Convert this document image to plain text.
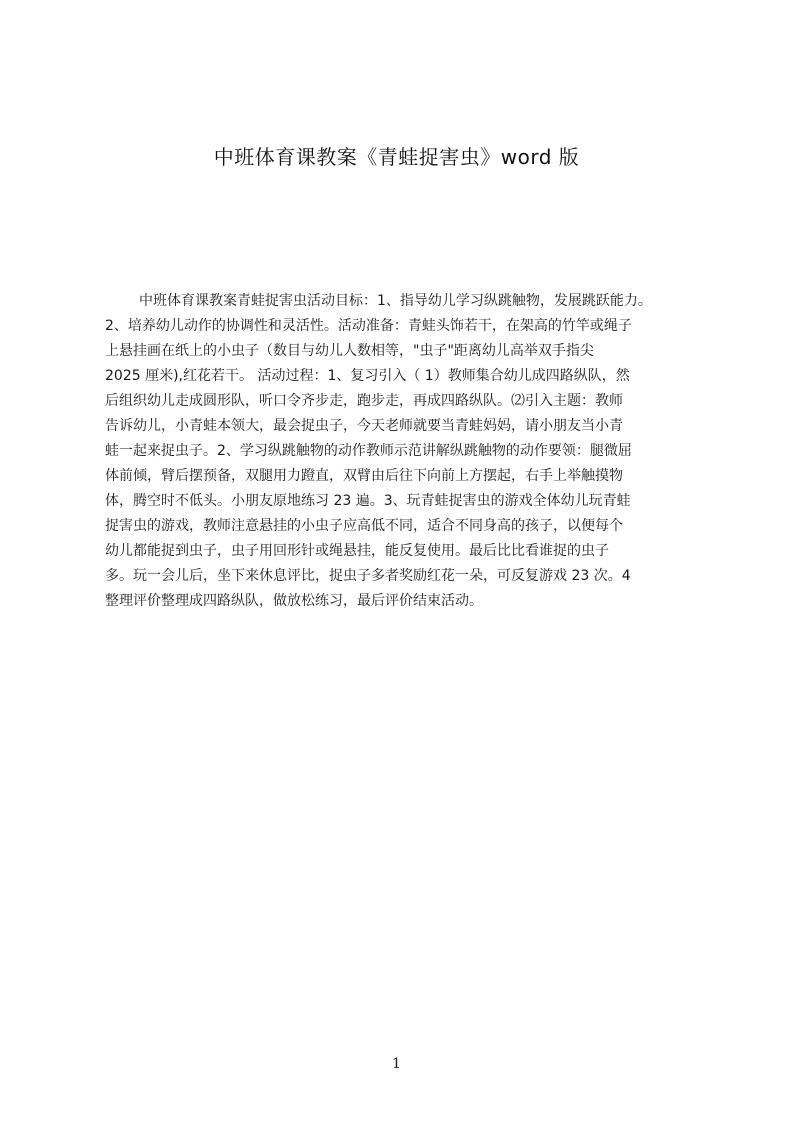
中班体育课教案《青蛙捉害虫》word 版
中班体育课教案青蛙捉害虫活动目标：1、指导幼儿学习纵跳触物，发展跳跃能力。
2、培养幼儿动作的协调性和灵活性。活动准备：青蛙头饰若干，在架高的竹竿或绳子
上悬挂画在纸上的小虫子（数目与幼儿人数相等，"虫子"距离幼儿高举双手指尖
2025 厘米),红花若干。 活动过程：1、复习引入（ 1）教师集合幼儿成四路纵队，然
后组织幼儿走成圆形队，听口令齐步走，跑步走，再成四路纵队。⑵引入主题：教师
告诉幼儿，小青蛙本领大，最会捉虫子，今天老师就要当青蛙妈妈，请小朋友当小青
蛙一起来捉虫子。2、学习纵跳触物的动作教师示范讲解纵跳触物的动作要领：腿微屈
体前倾，臂后摆预备，双腿用力蹬直，双臂由后往下向前上方摆起，右手上举触摸物
体，腾空时不低头。小朋友原地练习 23 遍。3、玩青蛙捉害虫的游戏全体幼儿玩青蛙
捉害虫的游戏，教师注意悬挂的小虫子应高低不同，适合不同身高的孩子，以便每个
幼儿都能捉到虫子，虫子用回形针或绳悬挂，能反复使用。最后比比看谁捉的虫子
多。玩一会儿后，坐下来休息评比，捉虫子多者奖励红花一朵，可反复游戏 23 次。4
整理评价整理成四路纵队，做放松练习，最后评价结束活动。
1
